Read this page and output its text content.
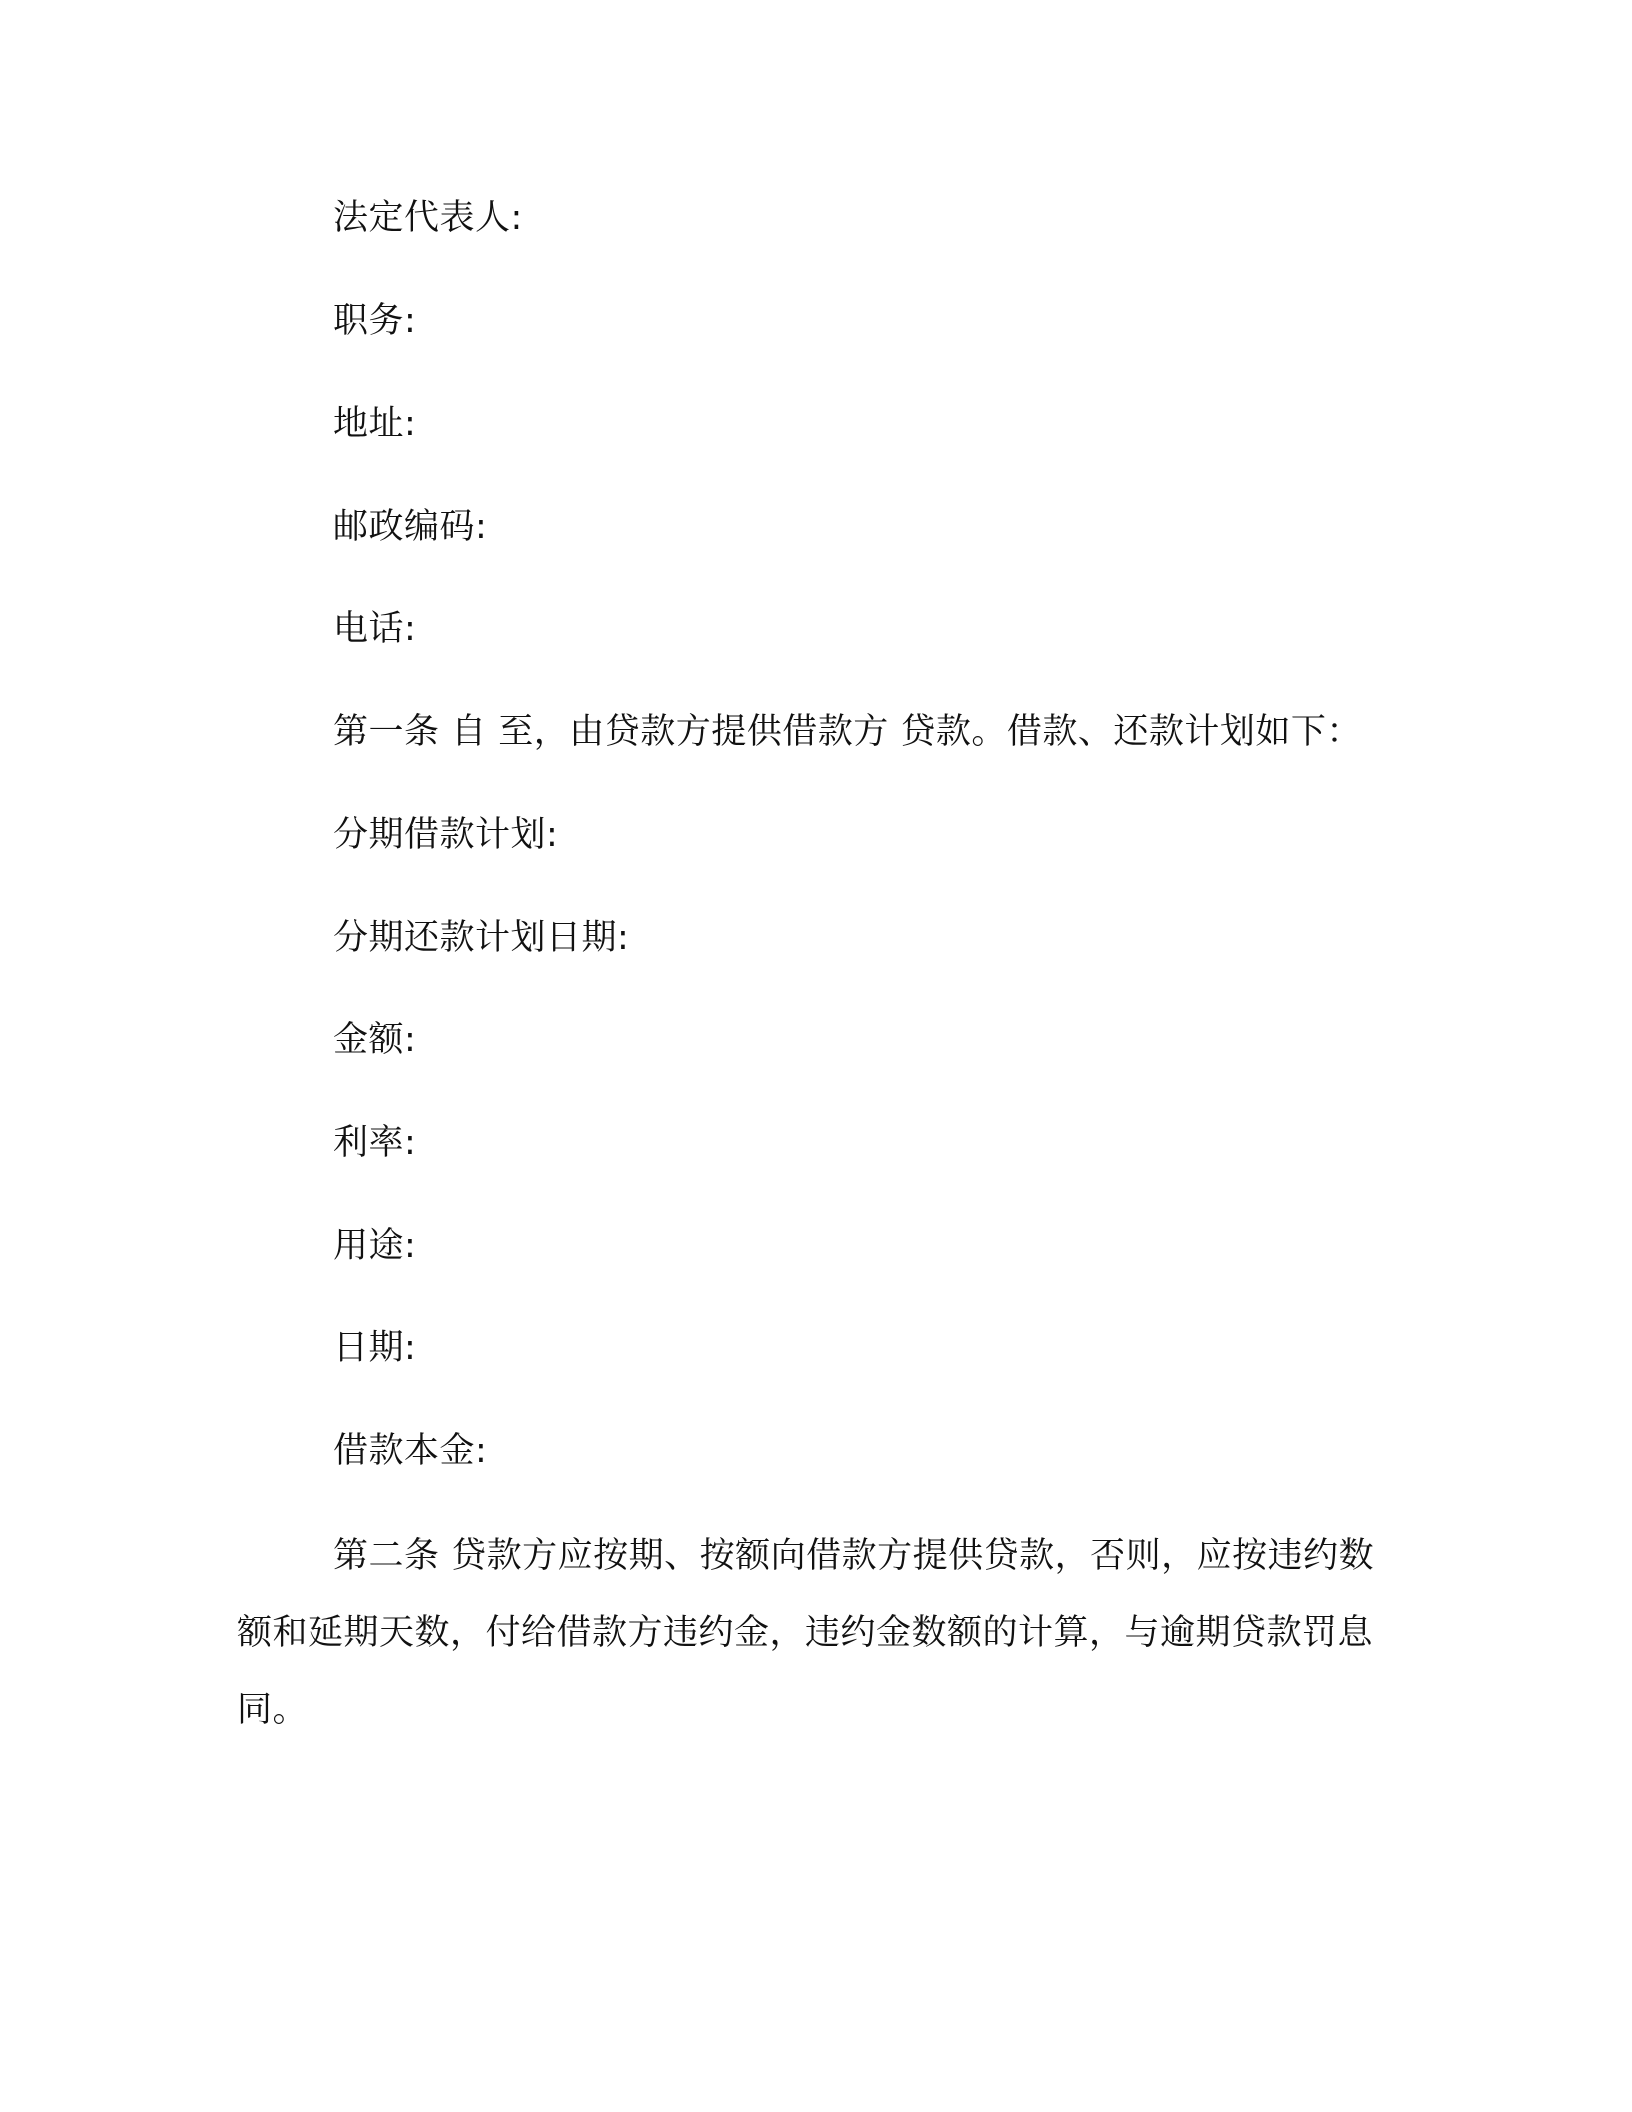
法定代表人:
职务:
地址:
邮政编码:
电话:
第一条 自 至，由贷款方提供借款方 贷款。借款、还款计划如下：
分期借款计划:
分期还款计划日期:
金额:
利率:
用途:
日期:
借款本金:
第二条 贷款方应按期、按额向借款方提供贷款，否则，应按违约数额和延期天数，付给借款方违约金，违约金数额的计算，与逾期贷款罚息同。
